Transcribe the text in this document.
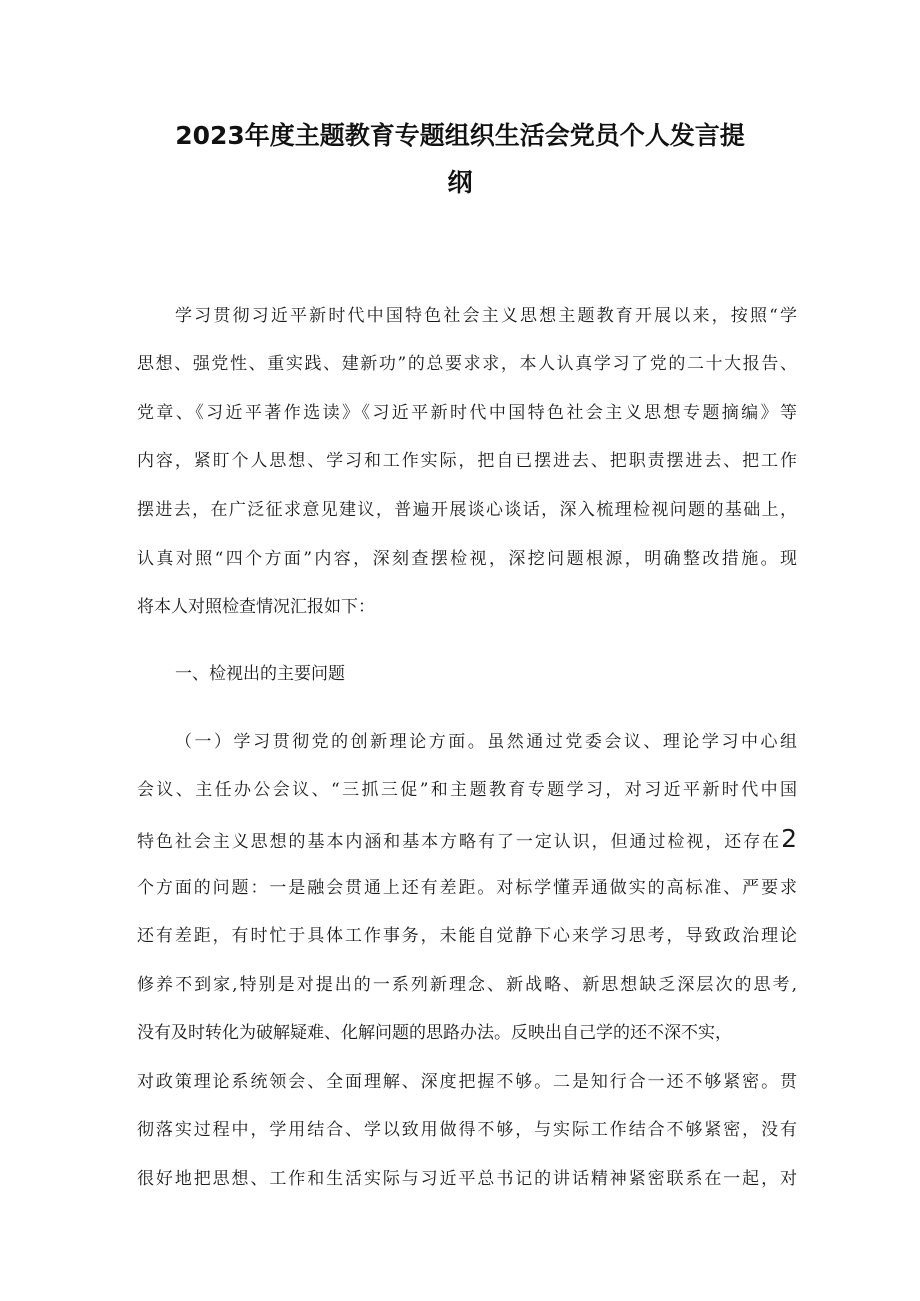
2023年度主题教育专题组织生活会党员个人发言提
纲

学习贯彻习近平新时代中国特色社会主义思想主题教育开展以来，按照“学

思想、强党性、重实践、建新功”的总要求求，本人认真学习了党的二十大报告、

党章、《习近平著作选读》《习近平新时代中国特色社会主义思想专题摘编》等

内容，紧盯个人思想、学习和工作实际，把自已摆进去、把职责摆进去、把工作

摆进去，在广泛征求意见建议，普遍开展谈心谈话，深入梳理检视问题的基础上，

认真对照“四个方面”内容，深刻查摆检视，深挖问题根源，明确整改措施。现

将本人对照检查情况汇报如下：

一、检视出的主要问题

（一）学习贯彻党的创新理论方面。虽然通过党委会议、理论学习中心组

会议、主任办公会议、“三抓三促”和主题教育专题学习，对习近平新时代中国

特色社会主义思想的基本内涵和基本方略有了一定认识，但通过检视，还存在2

个方面的问题：一是融会贯通上还有差距。对标学懂弄通做实的高标准、严要求

还有差距，有时忙于具体工作事务，未能自觉静下心来学习思考，导致政治理论

修养不到家,特别是对提出的一系列新理念、新战略、新思想缺乏深层次的思考,

没有及时转化为破解疑难、化解问题的思路办法。反映出自己学的还不深不实，

对政策理论系统领会、全面理解、深度把握不够。二是知行合一还不够紧密。贯

彻落实过程中，学用结合、学以致用做得不够，与实际工作结合不够紧密，没有

很好地把思想、工作和生活实际与习近平总书记的讲话精神紧密联系在一起，对
